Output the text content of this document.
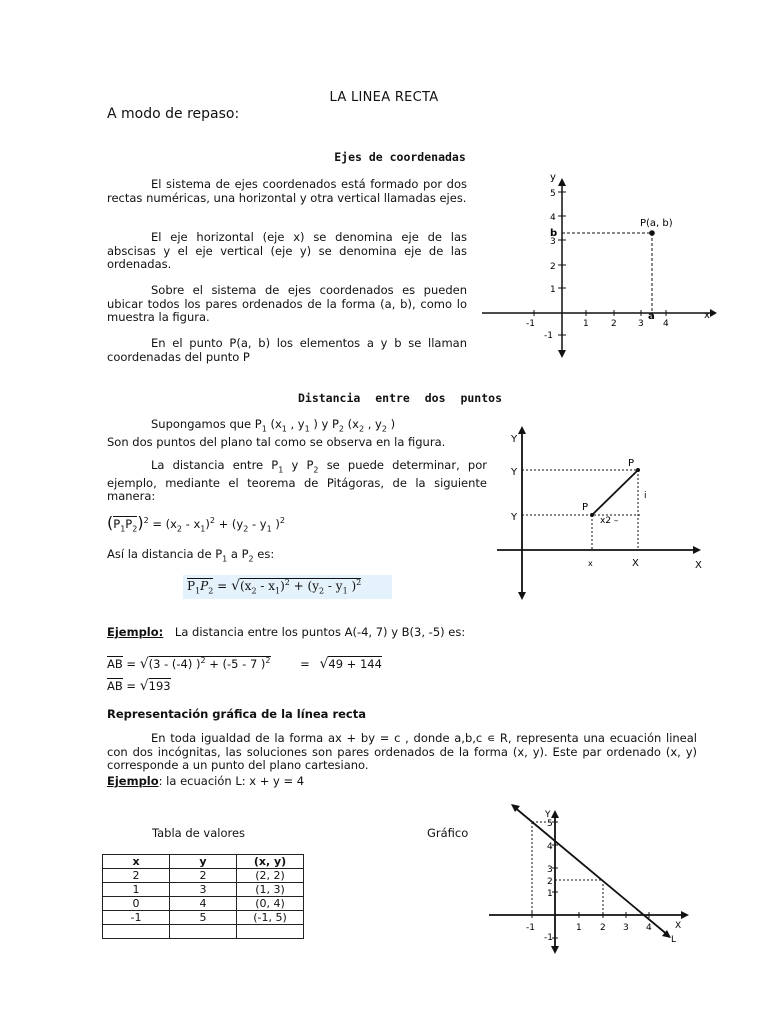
LA LINEA RECTA
A modo de repaso:
Ejes de coordenadas
El sistema de ejes coordenados está formado por dos rectas numéricas, una horizontal y otra vertical llamadas ejes.
El eje horizontal (eje x) se denomina eje de las abscisas y el eje vertical (eje y) se denomina eje de las ordenadas.
Sobre el sistema de ejes coordenados es pueden ubicar todos los pares ordenados de la forma (a, b), como lo muestra la figura.
En el punto P(a, b) los elementos a y b se llaman coordenadas del punto P
x
y
-1	1 2 3 4
5
4
3
2
1
-1
P(a, b)
b
a
Distancia entre dos puntos
Supongamos que $P_1$ ($x_1$ , $y_1$ ) y $P_2$ ($x_2$ , $y_2$ )
Son dos puntos del plano tal como se observa en la figura.
La distancia entre $P_1$ y $P_2$ se puede determinar, por ejemplo, mediante el teorema de Pitágoras, de la siguiente manera:
$(P_1P_2)^2 = (x_2 - x_1)^2 + (y_2 - y_1$ )$^2$
Así la distancia de $P_1$ a $P_2$ es:
$P_1P_2 = √(x_2 - x_1)^2 + (y_2 - y_1$ )$^2$
X
Y
Y
Y
x	X
P
P
x2 –
i
Ejemplo: La distancia entre los puntos A(-4, 7) y B(3, -5) es:
AB = √(3 - (-4) )$^2$ + (-5 - 7 )$^2$	= √49 + 144
AB = √193
Representación gráfica de la línea recta
En toda igualdad de la forma ax + by = c , donde a,b,c ∊ R, representa una ecuación lineal con dos incógnitas, las soluciones son pares ordenados de la forma (x, y). Este par ordenado (x, y) corresponde a un punto del plano cartesiano.
Ejemplo: la ecuación L: x + y = 4
Tabla de valores	Gráfico
x	y	(x, y)
2	2	(2, 2)
1	3	(1, 3)
0	4	(0, 4)
-1	5	(-1, 5)

X
Y
-1	1 2 3 4
5
4
3
2
1
-1	L
